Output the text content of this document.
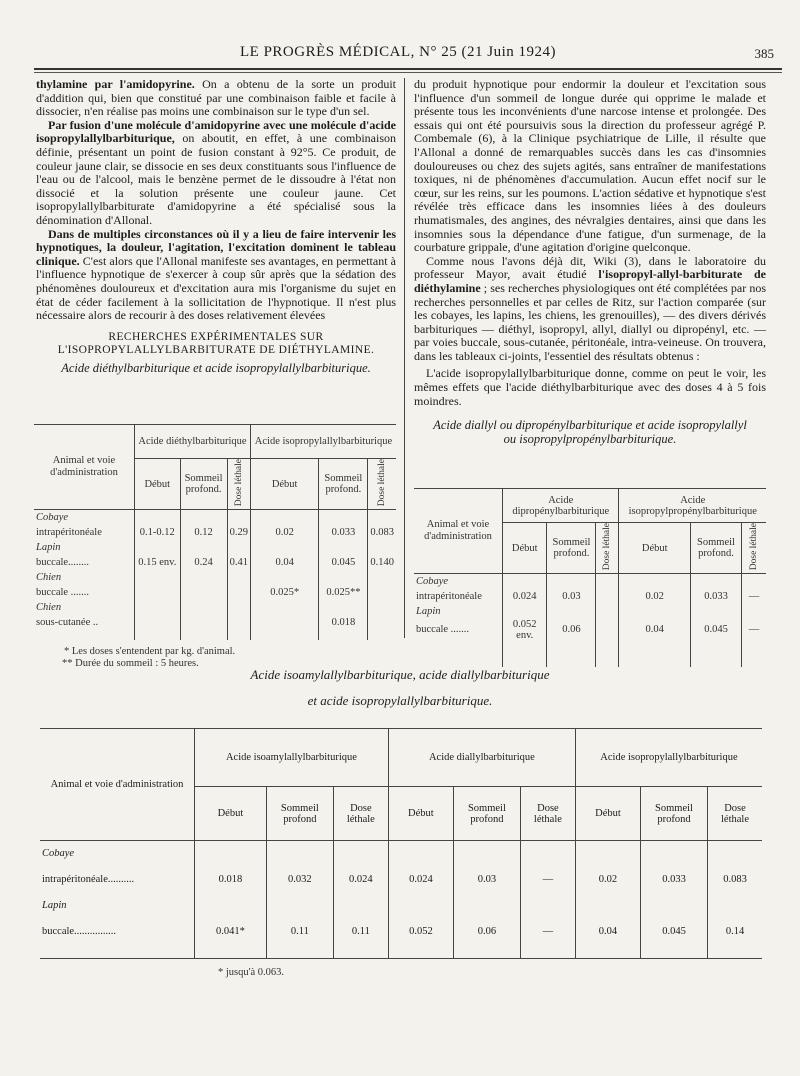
LE PROGRÈS MÉDICAL, N° 25 (21 Juin 1924)	385

thylamine par l'amidopyrine. On a obtenu de la sorte un produit d'addition qui, bien que constitué par une combinaison faible et facile à dissocier, n'en réalise pas moins une combinaison sur le type d'un sel.

Par fusion d'une molécule d'amidopyrine avec une molécule d'acide isopropylallylbarbiturique, on aboutit, en effet, à une combinaison définie, présentant un point de fusion constant à 92°5. Ce produit, de couleur jaune clair, se dissocie en ses deux constituants sous l'influence de l'eau ou de l'alcool, mais le benzène permet de le dissoudre à l'état non dissocié et la solution présente une couleur jaune. Cet isopropylallylbarbiturate d'amidopyrine a été spécialisé sous la dénomination d'Allonal.

Dans de multiples circonstances où il y a lieu de faire intervenir les hypnotiques, la douleur, l'agitation, l'excitation dominent le tableau clinique. C'est alors que l'Allonal manifeste ses avantages, en permettant à l'influence hypnotique de s'exercer à coup sûr après que la sédation des phénomènes douloureux et d'excitation aura mis l'organisme du sujet en état de céder facilement à la sollicitation de l'hypnotique. Il n'est plus nécessaire alors de recourir à des doses relativement élevées

RECHERCHES EXPÉRIMENTALES SUR L'ISOPROPYLALLYLBARBITURATE DE DIÉTHYLAMINE.
Acide diéthylbarbiturique et acide isopropylallylbarbiturique.
Animal et voie d'administration	Acide diéthylbarbiturique			Acide isopropylallylbarbiturique		
	Début	Sommeil profond.	Dose léthale	Début	Sommeil profond.	Dose léthale
Cobaye						
intrapéritonéale	0.1-0.12	0.12	0.29	0.02	0.033	0.083
Lapin						
buccale........	0.15 env.	0.24	0.41	0.04	0.045	0.140
Chien						
buccale .......				0.025*	0.025**	
Chien						
sous-cutanée ..					0.018	

* Les doses s'entendent par kg. d'animal.
** Durée du sommeil : 5 heures.

du produit hypnotique pour endormir la douleur et l'excitation sous l'influence d'un sommeil de longue durée qui opprime le malade et présente tous les inconvénients d'une narcose intense et prolongée. Des essais qui ont été poursuivis sous la direction du professeur agrégé P. Combemale (6), à la Clinique psychiatrique de Lille, il résulte que l'Allonal a donné de remarquables succès dans les cas d'insomnies douloureuses ou chez des sujets agités, sans entraîner de manifestations toxiques, ni de phénomènes d'accumulation. Aucun effet nocif sur le cœur, sur les reins, sur les poumons. L'action sédative et hypnotique s'est révélée très efficace dans les insomnies liées à des douleurs rhumatismales, des angines, des névralgies dentaires, ainsi que dans les insomnies sous la dépendance d'une fatigue, d'un surmenage, de la courbature grippale, d'une agitation d'origine quelconque.

Comme nous l'avons déjà dit, Wiki (3), dans le laboratoire du professeur Mayor, avait étudié l'isopropyl-allyl-barbiturate de diéthylamine ; ses recherches physiologiques ont été complétées par nos recherches personnelles et par celles de Ritz, sur l'action comparée (sur les cobayes, les lapins, les chiens, les grenouilles), — des divers dérivés barbituriques — diéthyl, isopropyl, allyl, diallyl ou dipropényl, etc. — par voies buccale, sous-cutanée, péritonéale, intra-veineuse. On trouvera, dans les tableaux ci-joints, l'essentiel des résultats obtenus :

L'acide isopropylallylbarbiturique donne, comme on peut le voir, les mêmes effets que l'acide diéthylbarbiturique avec des doses 4 à 5 fois moindres.

Acide diallyl ou dipropénylbarbiturique et acide isopropylallyl
ou isopropylpropénylbarbiturique.
Animal et voie d'administration	Acide dipropénylbarbiturique			Acide isopropylpropénylbarbiturique		
	Début	Sommeil profond.	Dose léthale	Début	Sommeil profond.	Dose léthale
Cobaye						
intrapéritonéale	0.024	0.03		0.02	0.033	—
Lapin						
buccale .......	0.052 env.	0.06		0.04	0.045	—

Acide isoamylallylbarbiturique, acide diallylbarbiturique
et acide isopropylallylbarbiturique.
Animal et voie d'administration	Acide isoamylallylbarbiturique			Acide diallylbarbiturique			Acide isopropylallylbarbiturique		
	Début	Sommeil profond	Dose léthale	Début	Sommeil profond	Dose léthale	Début	Sommeil profond	Dose léthale
Cobaye									
intrapéritonéale..........	0.018	0.032	0.024	0.024	0.03	—	0.02	0.033	0.083
Lapin									
buccale................	0.041*	0.11	0.11	0.052	0.06	—	0.04	0.045	0.14

* jusqu'à 0.063.
